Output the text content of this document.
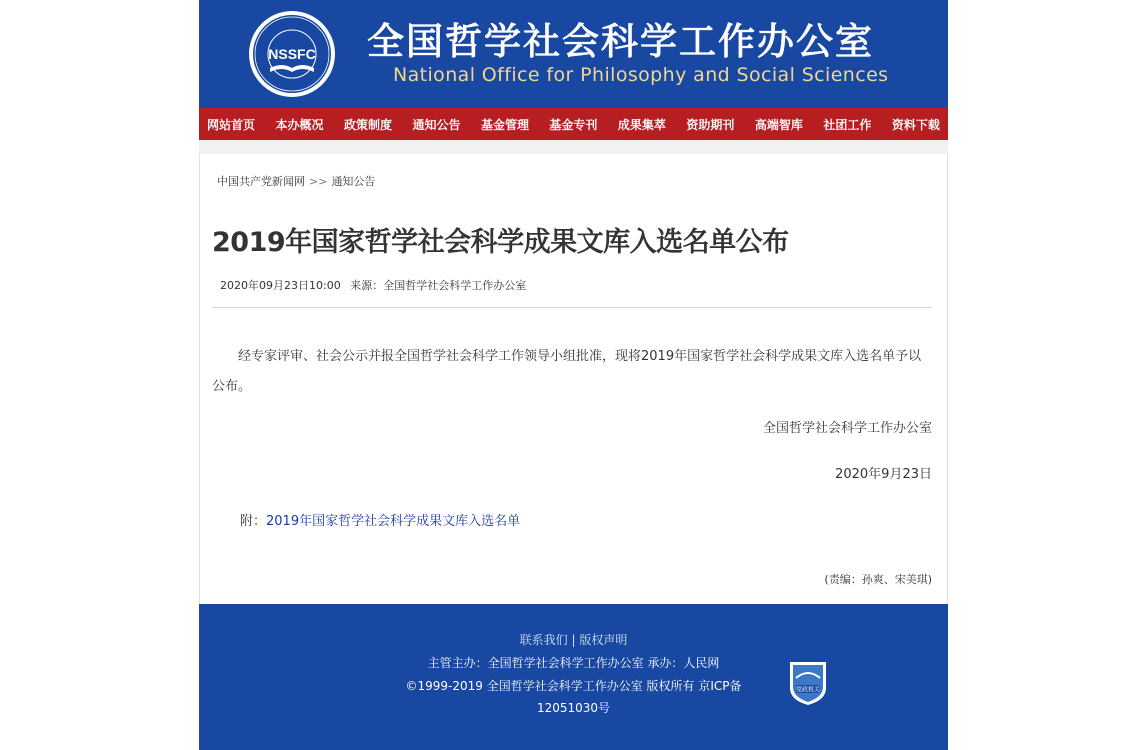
NSSFC 全国哲学社会科学工作办公室
National Office for Philosophy and Social Sciences
网站首页 本办概况 政策制度 通知公告 基金管理 基金专刊 成果集萃 资助期刊 高端智库 社团工作 资料下载
中国共产党新闻网 >> 通知公告
2019年国家哲学社会科学成果文库入选名单公布
2020年09月23日10:00 来源：全国哲学社会科学工作办公室
经专家评审、社会公示并报全国哲学社会科学工作领导小组批准，现将2019年国家哲学社会科学成果文库入选名单予以公布。
全国哲学社会科学工作办公室
2020年9月23日
附：2019年国家哲学社会科学成果文库入选名单
(责编：孙爽、宋美琪)
联系我们 | 版权声明
主管主办：全国哲学社会科学工作办公室 承办：人民网
©1999-2019 全国哲学社会科学工作办公室 版权所有 京ICP备
12051030号
党政机关
